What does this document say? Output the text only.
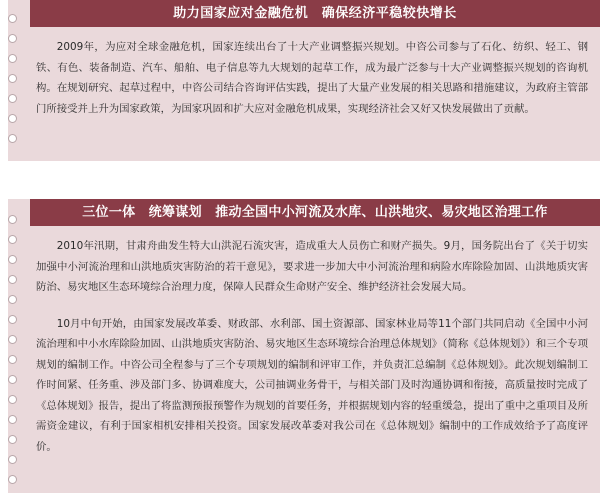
助力国家应对金融危机　确保经济平稳较快增长

2009年，为应对全球金融危机，国家连续出台了十大产业调整振兴规划。中咨公司参与了石化、纺织、轻工、钢铁、有色、装备制造、汽车、船舶、电子信息等九大规划的起草工作，成为最广泛参与十大产业调整振兴规划的咨询机构。在规划研究、起草过程中，中咨公司结合咨询评估实践，提出了大量产业发展的相关思路和措施建议，为政府主管部门所接受并上升为国家政策，为国家巩固和扩大应对金融危机成果，实现经济社会又好又快发展做出了贡献。

三位一体　统筹谋划　推动全国中小河流及水库、山洪地灾、易灾地区治理工作

2010年汛期，甘肃舟曲发生特大山洪泥石流灾害，造成重大人员伤亡和财产损失。9月，国务院出台了《关于切实加强中小河流治理和山洪地质灾害防治的若干意见》，要求进一步加大中小河流治理和病险水库除险加固、山洪地质灾害防治、易灾地区生态环境综合治理力度，保障人民群众生命财产安全、维护经济社会发展大局。

10月中旬开始，由国家发展改革委、财政部、水利部、国土资源部、国家林业局等11个部门共同启动《全国中小河流治理和中小水库除险加固、山洪地质灾害防治、易灾地区生态环境综合治理总体规划》（简称《总体规划》）和三个专项规划的编制工作。中咨公司全程参与了三个专项规划的编制和评审工作，并负责汇总编制《总体规划》。此次规划编制工作时间紧、任务重、涉及部门多、协调难度大，公司抽调业务骨干，与相关部门及时沟通协调和衔接，高质量按时完成了《总体规划》报告，提出了将监测预报预警作为规划的首要任务，并根据规划内容的轻重缓急，提出了重中之重项目及所需资金建议，有利于国家相机安排相关投资。国家发展改革委对我公司在《总体规划》编制中的工作成效给予了高度评价。
